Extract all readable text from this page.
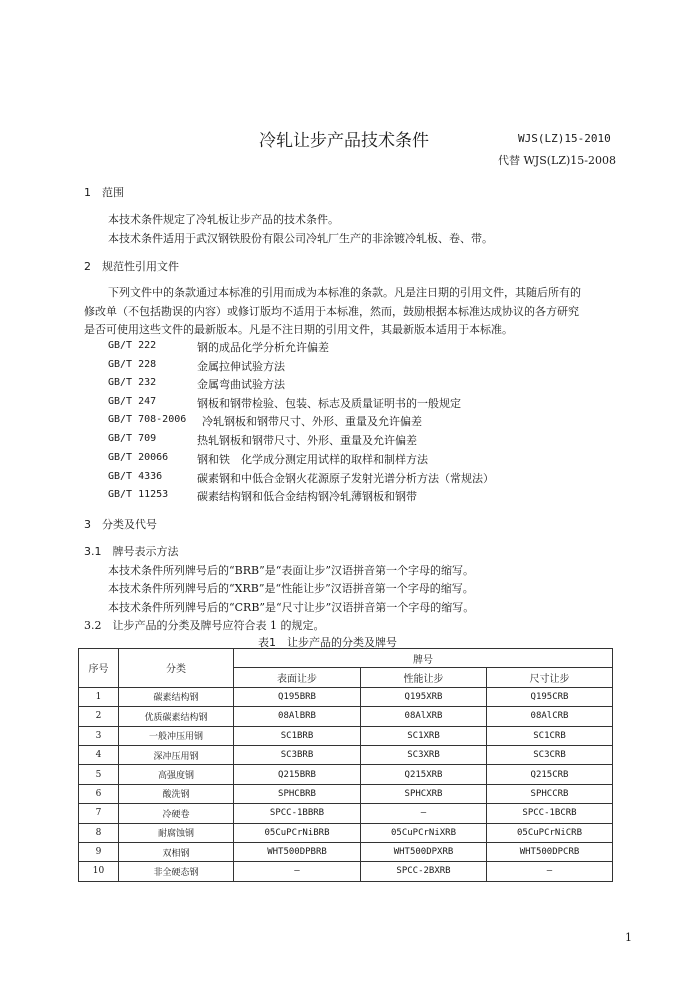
冷轧让步产品技术条件	WJS(LZ)15-2010
代替 WJS(LZ)15-2008
1　范围
本技术条件规定了冷轧板让步产品的技术条件。
本技术条件适用于武汉钢铁股份有限公司冷轧厂生产的非涂镀冷轧板、卷、带。
2　规范性引用文件
下列文件中的条款通过本标准的引用而成为本标准的条款。凡是注日期的引用文件，其随后所有的
修改单（不包括勘误的内容）或修订版均不适用于本标准，然而，鼓励根据本标准达成协议的各方研究
是否可使用这些文件的最新版本。凡是不注日期的引用文件，其最新版本适用于本标准。
GB/T 222	钢的成品化学分析允许偏差
GB/T 228	金属拉伸试验方法
GB/T 232	金属弯曲试验方法
GB/T 247	钢板和钢带检验、包装、标志及质量证明书的一般规定
GB/T 708-2006 冷轧钢板和钢带尺寸、外形、重量及允许偏差
GB/T 709	热轧钢板和钢带尺寸、外形、重量及允许偏差
GB/T 20066	钢和铁　化学成分测定用试样的取样和制样方法
GB/T 4336	碳素钢和中低合金钢火花源原子发射光谱分析方法（常规法）
GB/T 11253	碳素结构钢和低合金结构钢冷轧薄钢板和钢带
3　分类及代号
3.1　牌号表示方法
本技术条件所列牌号后的“BRB”是“表面让步”汉语拼音第一个字母的缩写。
本技术条件所列牌号后的“XRB”是“性能让步”汉语拼音第一个字母的缩写。
本技术条件所列牌号后的“CRB”是“尺寸让步”汉语拼音第一个字母的缩写。
3.2　让步产品的分类及牌号应符合表 1 的规定。
表1　让步产品的分类及牌号
序号	分类	牌号		
		表面让步	性能让步	尺寸让步
1	碳素结构钢	Q195BRB	Q195XRB	Q195CRB
2	优质碳素结构钢	08AlBRB	08AlXRB	08AlCRB
3	一般冲压用钢	SC1BRB	SC1XRB	SC1CRB
4	深冲压用钢	SC3BRB	SC3XRB	SC3CRB
5	高强度钢	Q215BRB	Q215XRB	Q215CRB
6	酸洗钢	SPHCBRB	SPHCXRB	SPHCCRB
7	冷硬卷	SPCC-1BBRB	—	SPCC-1BCRB
8	耐腐蚀钢	05CuPCrNiBRB	05CuPCrNiXRB	05CuPCrNiCRB
9	双相钢	WHT500DPBRB	WHT500DPXRB	WHT500DPCRB
10	非全硬态钢	—	SPCC-2BXRB	—
1
